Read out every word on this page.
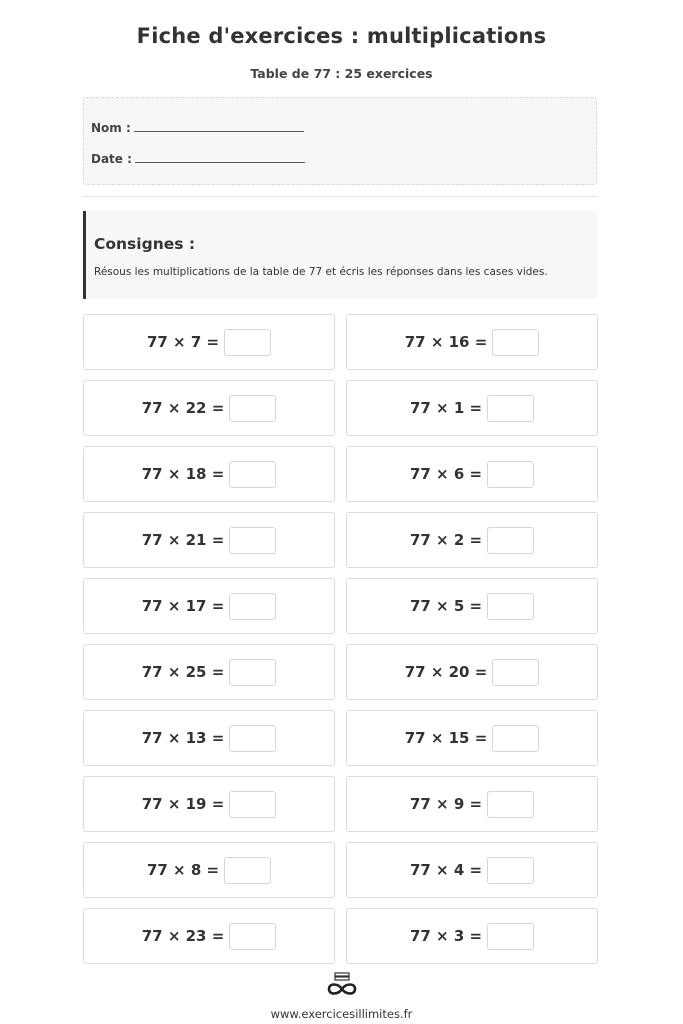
Fiche d'exercices : multiplications
Table de 77 : 25 exercices
Nom :
Date :
Consignes :
Résous les multiplications de la table de 77 et écris les réponses dans les cases vides.
77 × 7 =	77 × 16 =
77 × 22 =	77 × 1 =
77 × 18 =	77 × 6 =
77 × 21 =	77 × 2 =
77 × 17 =	77 × 5 =
77 × 25 =	77 × 20 =
77 × 13 =	77 × 15 =
77 × 19 =	77 × 9 =
77 × 8 =	77 × 4 =
77 × 23 =	77 × 3 =
www.exercicesillimites.fr
